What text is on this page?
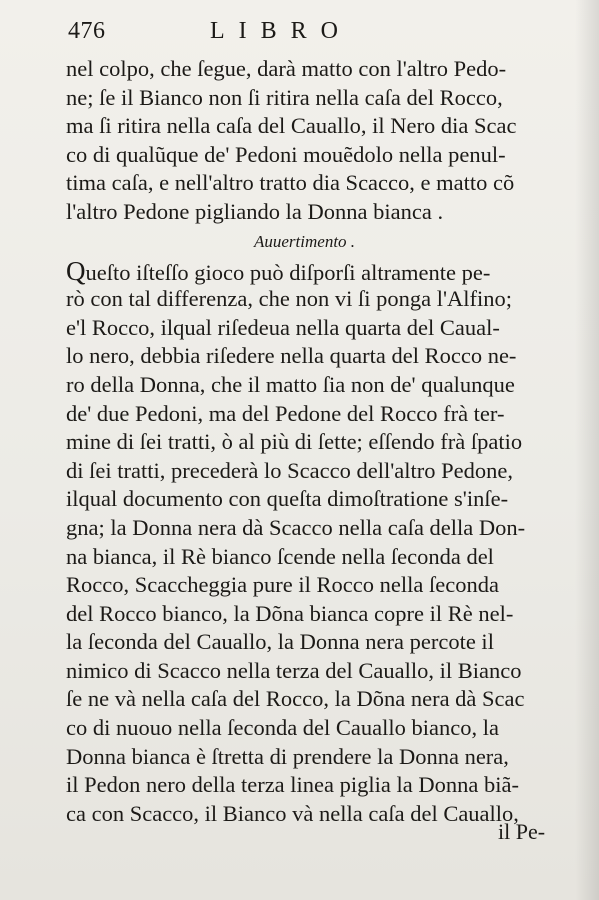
476	LIBRO
nel colpo, che ſegue, darà matto con l'altro Pedo-
ne; ſe il Bianco non ſi ritira nella caſa del Rocco,
ma ſi ritira nella caſa del Cauallo, il Nero dia Scac
co di qualũque de' Pedoni mouẽdolo nella penul-
tima caſa, e nell'altro tratto dia Scacco, e matto cõ
l'altro Pedone pigliando la Donna bianca .
Auuertimento .
Queſto iſteſſo gioco può diſporſi altramente pe-
rò con tal differenza, che non vi ſi ponga l'Alfino;
e'l Rocco, ilqual riſedeua nella quarta del Caual-
lo nero, debbia riſedere nella quarta del Rocco ne-
ro della Donna, che il matto ſia non de' qualunque
de' due Pedoni, ma del Pedone del Rocco frà ter-
mine di ſei tratti, ò al più di ſette; eſſendo frà ſpatio
di ſei tratti, precederà lo Scacco dell'altro Pedone,
ilqual documento con queſta dimoſtratione s'inſe-
gna; la Donna nera dà Scacco nella caſa della Don-
na bianca, il Rè bianco ſcende nella ſeconda del
Rocco, Scaccheggia pure il Rocco nella ſeconda
del Rocco bianco, la Dõna bianca copre il Rè nel-
la ſeconda del Cauallo, la Donna nera percote il
nimico di Scacco nella terza del Cauallo, il Bianco
ſe ne và nella caſa del Rocco, la Dõna nera dà Scac
co di nuouo nella ſeconda del Cauallo bianco, la
Donna bianca è ſtretta di prendere la Donna nera,
il Pedon nero della terza linea piglia la Donna biã-
ca con Scacco, il Bianco và nella caſa del Cauallo,
il Pe-
